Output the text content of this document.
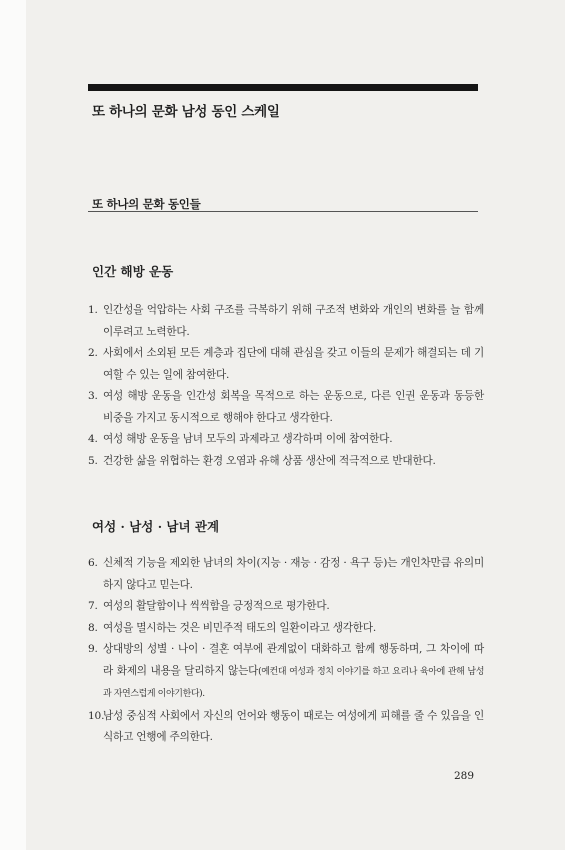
또 하나의 문화 남성 동인 스케일
또 하나의 문화 동인들
인간 해방 운동
1. 인간성을 억압하는 사회 구조를 극복하기 위해 구조적 변화와 개인의 변화를 늘 함께 이루려고 노력한다.
2. 사회에서 소외된 모든 계층과 집단에 대해 관심을 갖고 이들의 문제가 해결되는 데 기여할 수 있는 일에 참여한다.
3. 여성 해방 운동을 인간성 회복을 목적으로 하는 운동으로, 다른 인권 운동과 동등한 비중을 가지고 동시적으로 행해야 한다고 생각한다.
4. 여성 해방 운동을 남녀 모두의 과제라고 생각하며 이에 참여한다.
5. 건강한 삶을 위협하는 환경 오염과 유해 상품 생산에 적극적으로 반대한다.
여성 · 남성 · 남녀 관계
6. 신체적 기능을 제외한 남녀의 차이(지능 · 재능 · 감정 · 욕구 등)는 개인차만큼 유의미하지 않다고 믿는다.
7. 여성의 활달함이나 씩씩함을 긍정적으로 평가한다.
8. 여성을 멸시하는 것은 비민주적 태도의 일환이라고 생각한다.
9. 상대방의 성별 · 나이 · 결혼 여부에 관계없이 대화하고 함께 행동하며, 그 차이에 따라 화제의 내용을 달리하지 않는다(예컨대 여성과 정치 이야기를 하고 요리나 육아에 관해 남성과 자연스럽게 이야기한다).
10.남성 중심적 사회에서 자신의 언어와 행동이 때로는 여성에게 피해를 줄 수 있음을 인식하고 언행에 주의한다.
289
